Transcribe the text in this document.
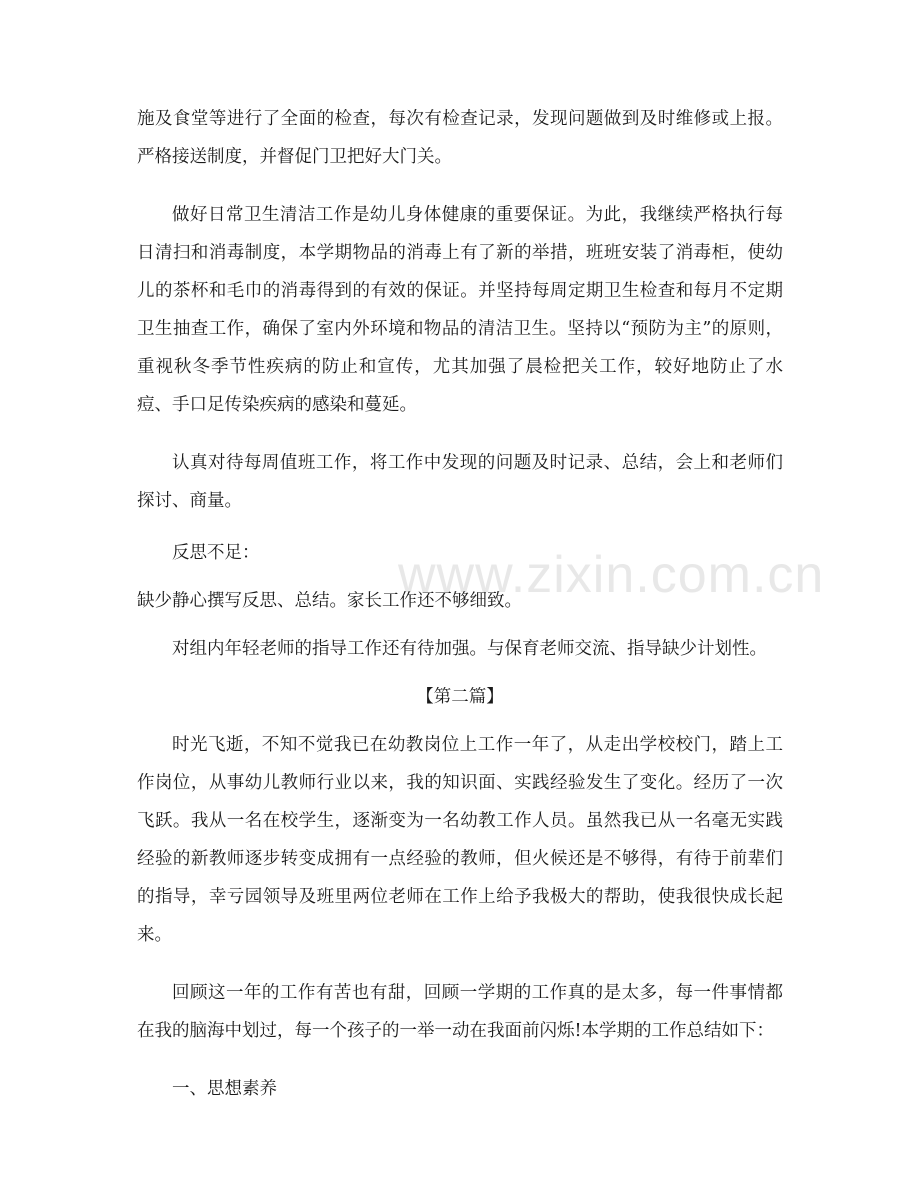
施及食堂等进行了全面的检查，每次有检查记录，发现问题做到及时维修或上报。严格接送制度，并督促门卫把好大门关。

做好日常卫生清洁工作是幼儿身体健康的重要保证。为此，我继续严格执行每日清扫和消毒制度，本学期物品的消毒上有了新的举措，班班安装了消毒柜，使幼儿的茶杯和毛巾的消毒得到的有效的保证。并坚持每周定期卫生检查和每月不定期卫生抽查工作，确保了室内外环境和物品的清洁卫生。坚持以“预防为主”的原则，重视秋冬季节性疾病的防止和宣传，尤其加强了晨检把关工作，较好地防止了水痘、手口足传染疾病的感染和蔓延。

认真对待每周值班工作，将工作中发现的问题及时记录、总结，会上和老师们探讨、商量。

反思不足：

缺少静心撰写反思、总结。家长工作还不够细致。

对组内年轻老师的指导工作还有待加强。与保育老师交流、指导缺少计划性。

【第二篇】

时光飞逝，不知不觉我已在幼教岗位上工作一年了，从走出学校校门，踏上工作岗位，从事幼儿教师行业以来，我的知识面、实践经验发生了变化。经历了一次飞跃。我从一名在校学生，逐渐变为一名幼教工作人员。虽然我已从一名毫无实践经验的新教师逐步转变成拥有一点经验的教师，但火候还是不够得，有待于前辈们的指导，幸亏园领导及班里两位老师在工作上给予我极大的帮助，使我很快成长起来。

回顾这一年的工作有苦也有甜，回顾一学期的工作真的是太多，每一件事情都在我的脑海中划过，每一个孩子的一举一动在我面前闪烁!本学期的工作总结如下：

一、思想素养

www.zixin.com.cn
